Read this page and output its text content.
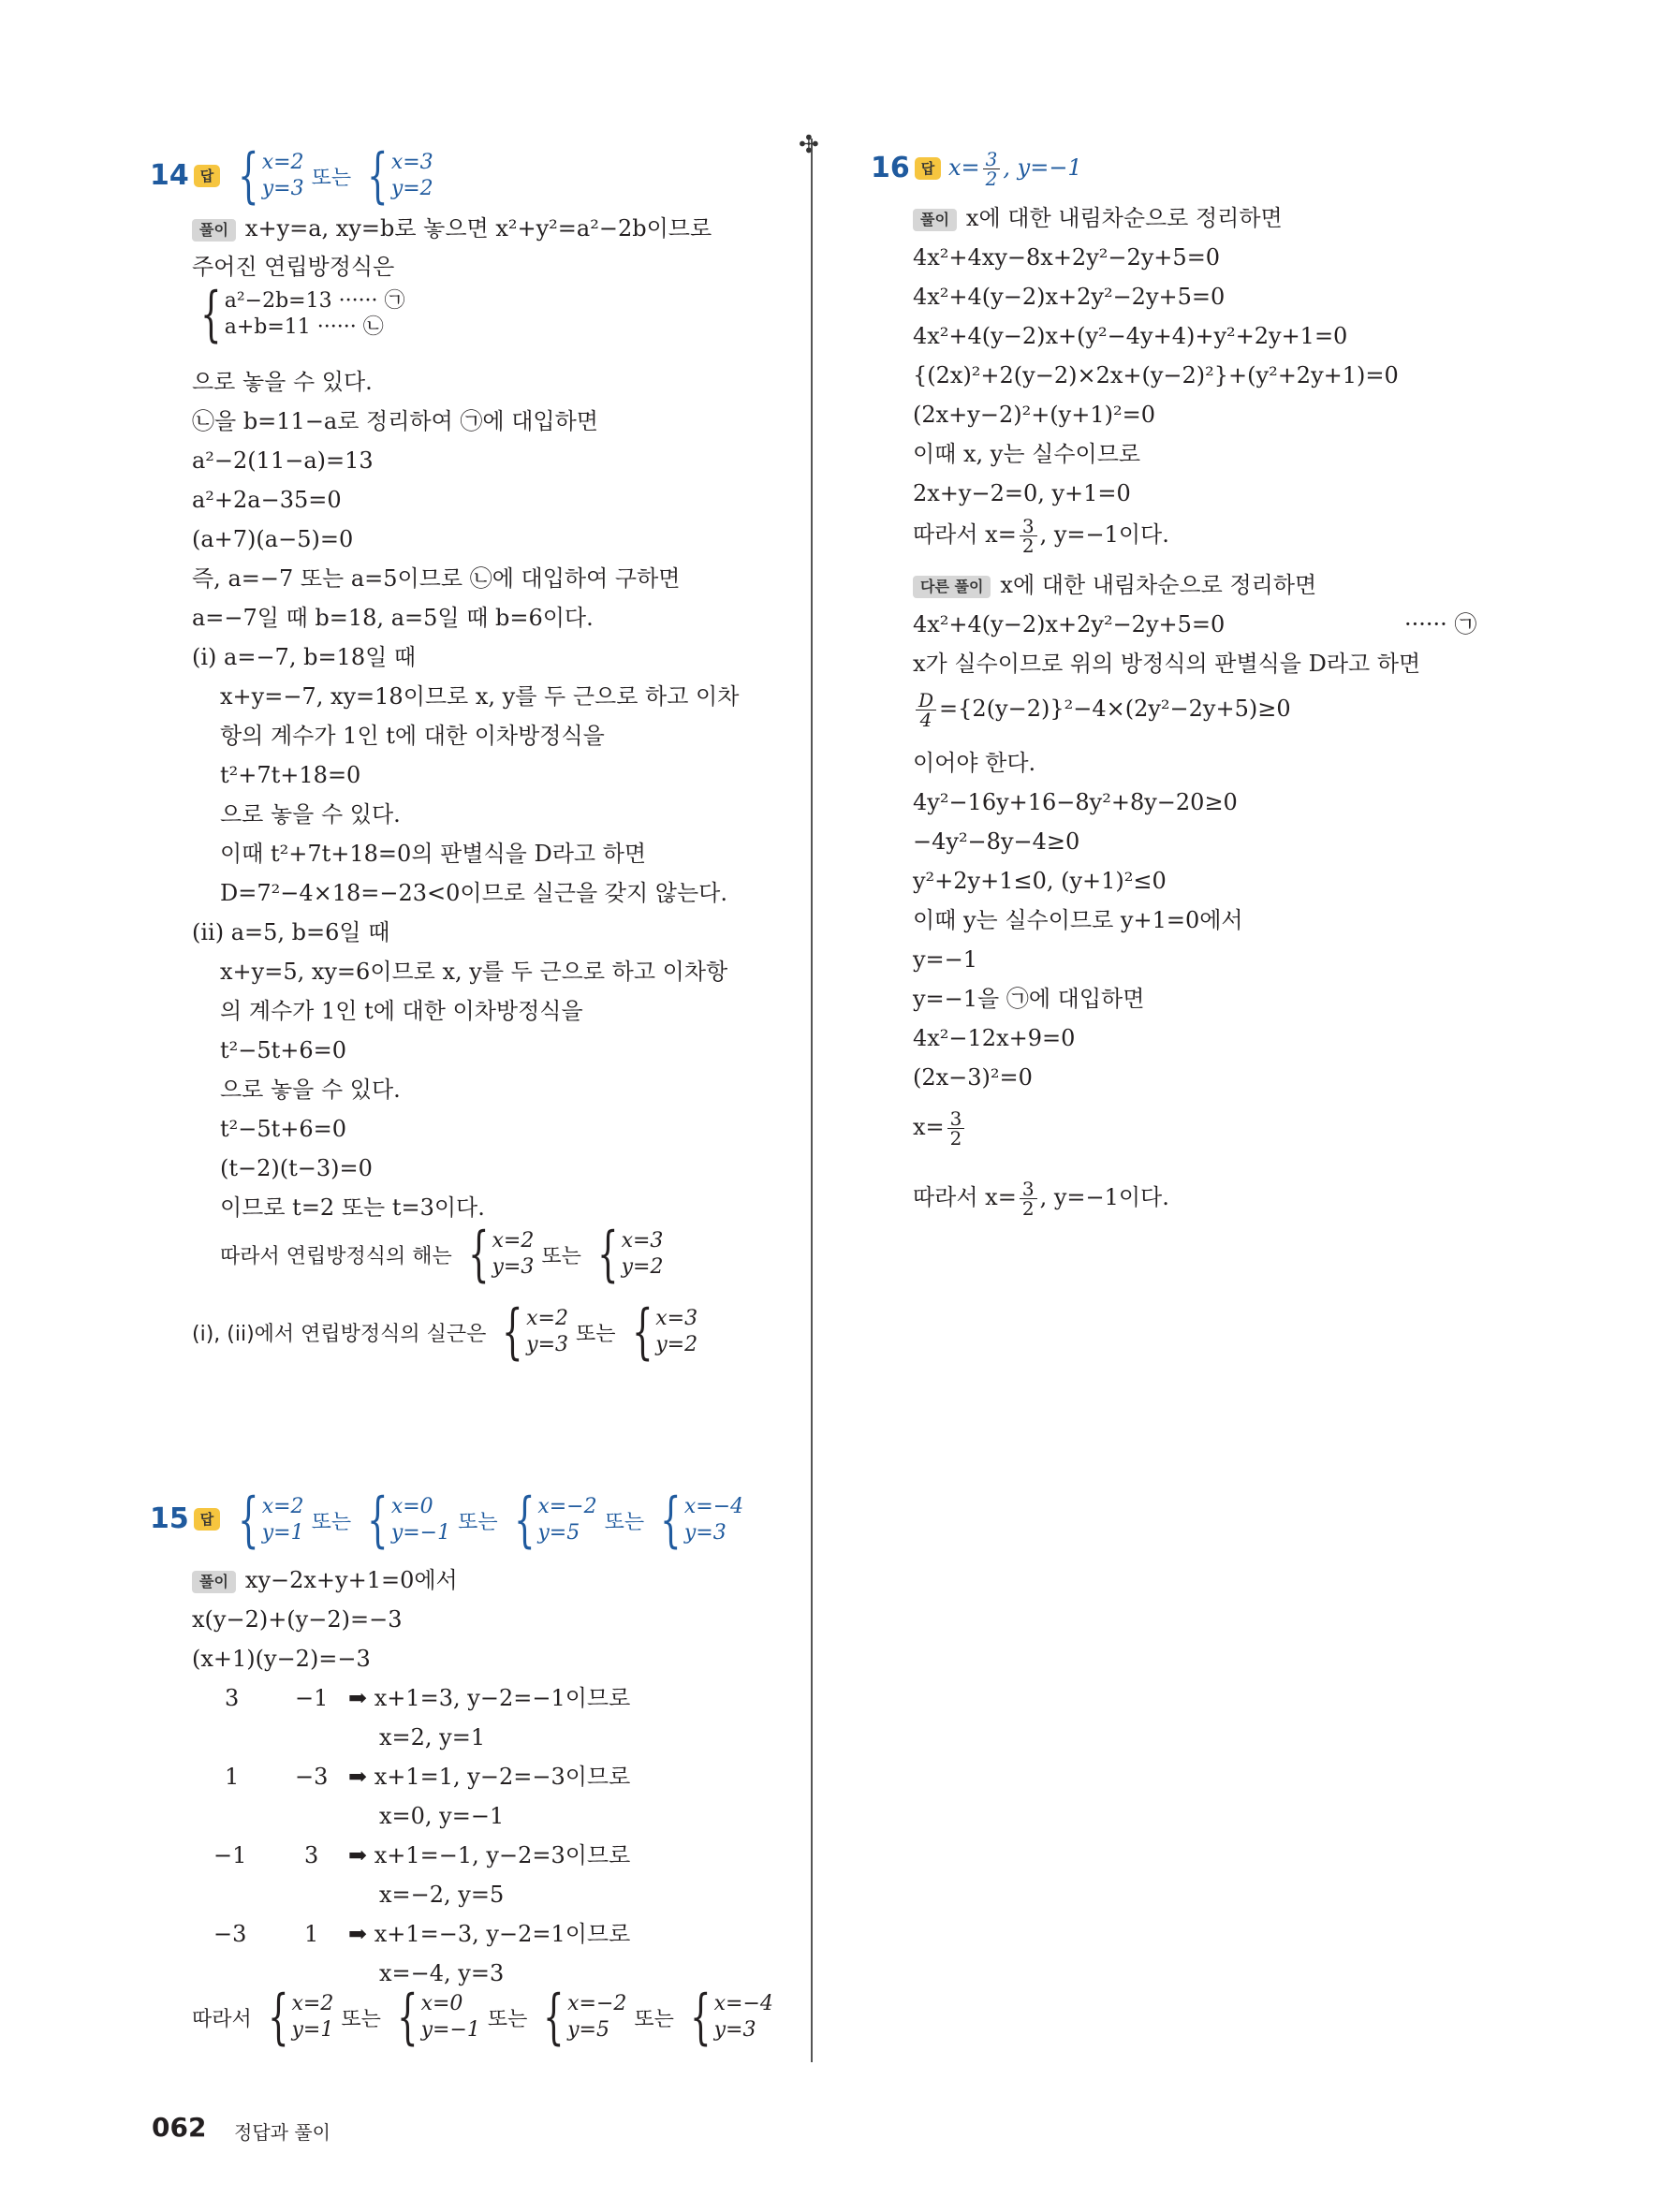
✣
14 답 { x=2
y=3 또는 { x=3
y=2
풀이 x+y=a, xy=b로 놓으면 x²+y²=a²−2b이므로
주어진 연립방정식은
{ a²−2b=13 ······ ㉠
a+b=11 ······ ㉡
으로 놓을 수 있다.
㉡을 b=11−a로 정리하여 ㉠에 대입하면
a²−2(11−a)=13
a²+2a−35=0
(a+7)(a−5)=0
즉, a=−7 또는 a=5이므로 ㉡에 대입하여 구하면
a=−7일 때 b=18, a=5일 때 b=6이다.
(i) a=−7, b=18일 때
x+y=−7, xy=18이므로 x, y를 두 근으로 하고 이차
항의 계수가 1인 t에 대한 이차방정식을
t²+7t+18=0
으로 놓을 수 있다.
이때 t²+7t+18=0의 판별식을 D라고 하면
D=7²−4×18=−23<0이므로 실근을 갖지 않는다.
(ii) a=5, b=6일 때
x+y=5, xy=6이므로 x, y를 두 근으로 하고 이차항
의 계수가 1인 t에 대한 이차방정식을
t²−5t+6=0
으로 놓을 수 있다.
t²−5t+6=0
(t−2)(t−3)=0
이므로 t=2 또는 t=3이다.
따라서 연립방정식의 해는 { x=2
y=3 또는 { x=3
y=2
(i), (ii)에서 연립방정식의 실근은 { x=2
y=3 또는 { x=3
y=2
15 답 { x=2
y=1 또는 { x=0
y=−1 또는 { x=−2
y=5	또는 { x=−4
y=3
풀이 xy−2x+y+1=0에서
x(y−2)+(y−2)=−3
(x+1)(y−2)=−3
3 −1 ➡ x+1=3, y−2=−1이므로
x=2, y=1
1 −3 ➡ x+1=1, y−2=−3이므로
x=0, y=−1
−1	3 ➡ x+1=−1, y−2=3이므로
x=−2, y=5
−3	1 ➡ x+1=−3, y−2=1이므로
x=−4, y=3
따라서 { x=2
y=1 또는 { x=0
y=−1 또는 { x=−2
y=5	또는 { x=−4
y=3
16 답 $x= \frac{3}{2}$ , y=−1
풀이 x에 대한 내림차순으로 정리하면
4x²+4xy−8x+2y²−2y+5=0
4x²+4(y−2)x+2y²−2y+5=0
4x²+4(y−2)x+(y²−4y+4)+y²+2y+1=0
{(2x)²+2(y−2)×2x+(y−2)²}+(y²+2y+1)=0
(2x+y−2)²+(y+1)²=0
이때 x, y는 실수이므로
2x+y−2=0, y+1=0
따라서 $x= \frac{3}{2}$ , y=−1이다.
다른 풀이 x에 대한 내림차순으로 정리하면
4x²+4(y−2)x+2y²−2y+5=0	······ ㉠
x가 실수이므로 위의 방정식의 판별식을 D라고 하면
$\frac{D}{4} =\{2(y-2)\}^2-4\times(2y^2-2y+5)\ge 0$
이어야 한다.
4y²−16y+16−8y²+8y−20≥0
−4y²−8y−4≥0
y²+2y+1≤0, (y+1)²≤0
이때 y는 실수이므로 y+1=0에서
y=−1
y=−1을 ㉠에 대입하면
4x²−12x+9=0
(2x−3)²=0
$x= \frac{3}{2}$
따라서 $x= \frac{3}{2}$ , y=−1이다.
062 정답과 풀이
